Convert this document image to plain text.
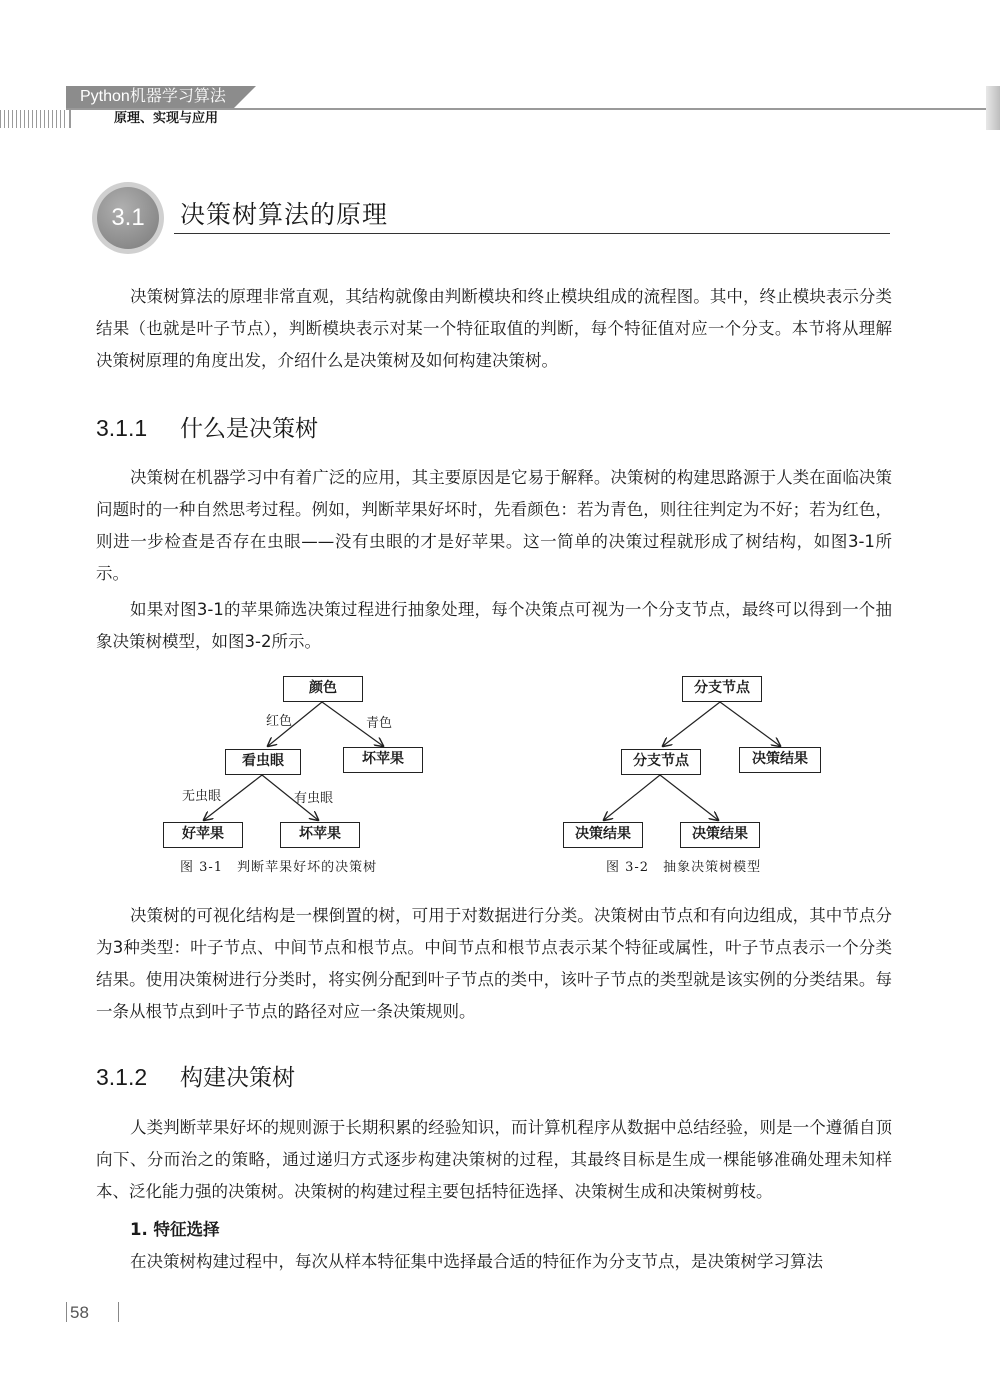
Python机器学习算法
原理、实现与应用
3.1	决策树算法的原理

决策树算法的原理非常直观，其结构就像由判断模块和终止模块组成的流程图。其中，终止模块表示分类结果（也就是叶子节点），判断模块表示对某一个特征取值的判断，每个特征值对应一个分支。本节将从理解决策树原理的角度出发，介绍什么是决策树及如何构建决策树。

3.1.1 什么是决策树

决策树在机器学习中有着广泛的应用，其主要原因是它易于解释。决策树的构建思路源于人类在面临决策问题时的一种自然思考过程。例如，判断苹果好坏时，先看颜色：若为青色，则往往判定为不好；若为红色，则进一步检查是否存在虫眼——没有虫眼的才是好苹果。这一简单的决策过程就形成了树结构，如图3-1所示。

如果对图3-1的苹果筛选决策过程进行抽象处理，每个决策点可视为一个分支节点，最终可以得到一个抽象决策树模型，如图3-2所示。

颜色
红色	青色
看虫眼	坏苹果
无虫眼	有虫眼
好苹果	坏苹果
图 3-1　判断苹果好坏的决策树
分支节点
分支节点	决策结果
决策结果	决策结果
图 3-2　抽象决策树模型

决策树的可视化结构是一棵倒置的树，可用于对数据进行分类。决策树由节点和有向边组成，其中节点分为3种类型：叶子节点、中间节点和根节点。中间节点和根节点表示某个特征或属性，叶子节点表示一个分类结果。使用决策树进行分类时，将实例分配到叶子节点的类中，该叶子节点的类型就是该实例的分类结果。每一条从根节点到叶子节点的路径对应一条决策规则。

3.1.2 构建决策树

人类判断苹果好坏的规则源于长期积累的经验知识，而计算机程序从数据中总结经验，则是一个遵循自顶向下、分而治之的策略，通过递归方式逐步构建决策树的过程，其最终目标是生成一棵能够准确处理未知样本、泛化能力强的决策树。决策树的构建过程主要包括特征选择、决策树生成和决策树剪枝。

1. 特征选择

在决策树构建过程中，每次从样本特征集中选择最合适的特征作为分支节点，是决策树学习算法

58
